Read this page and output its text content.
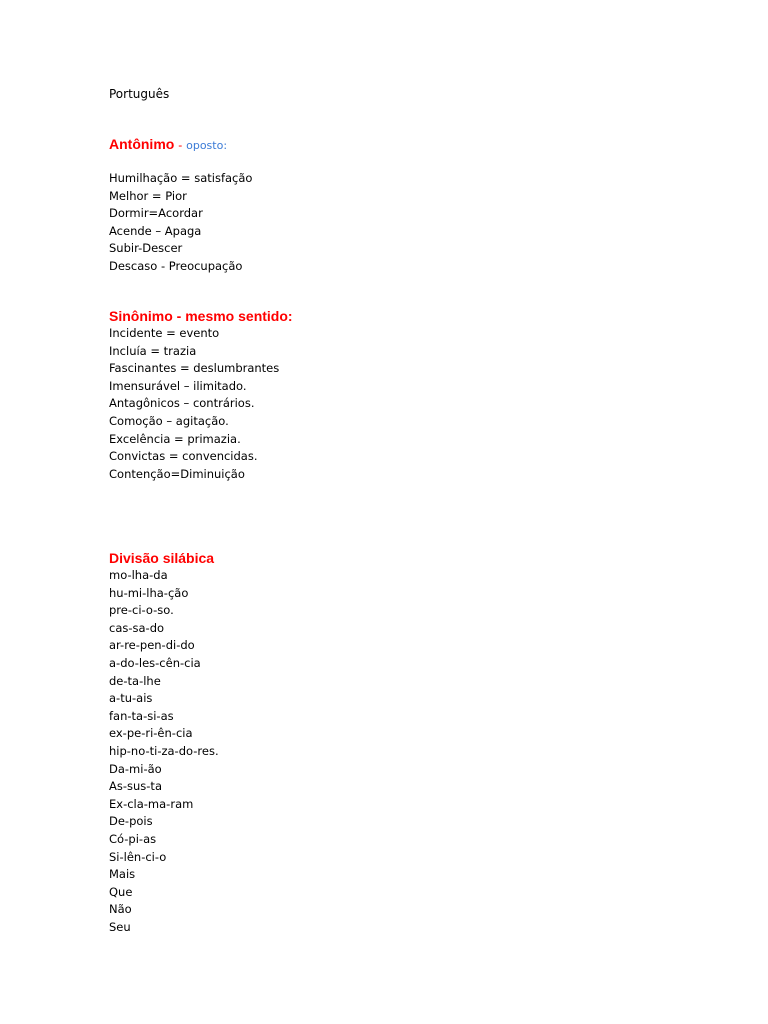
Português
Antônimo - oposto:
Humilhação = satisfação
Melhor = Pior
Dormir=Acordar
Acende – Apaga
Subir-Descer
Descaso - Preocupação
Sinônimo - mesmo sentido:
Incidente = evento
Incluía = trazia
Fascinantes = deslumbrantes
Imensurável – ilimitado.
Antagônicos – contrários.
Comoção – agitação.
Excelência = primazia.
Convictas = convencidas.
Contenção=Diminuição
Divisão silábica
mo-lha-da
hu-mi-lha-ção
pre-ci-o-so.
cas-sa-do
ar-re-pen-di-do
a-do-les-cên-cia
de-ta-lhe
a-tu-ais
fan-ta-si-as
ex-pe-ri-ên-cia
hip-no-ti-za-do-res.
Da-mi-ão
As-sus-ta
Ex-cla-ma-ram
De-pois
Có-pi-as
Si-lên-ci-o
Mais
Que
Não
Seu
